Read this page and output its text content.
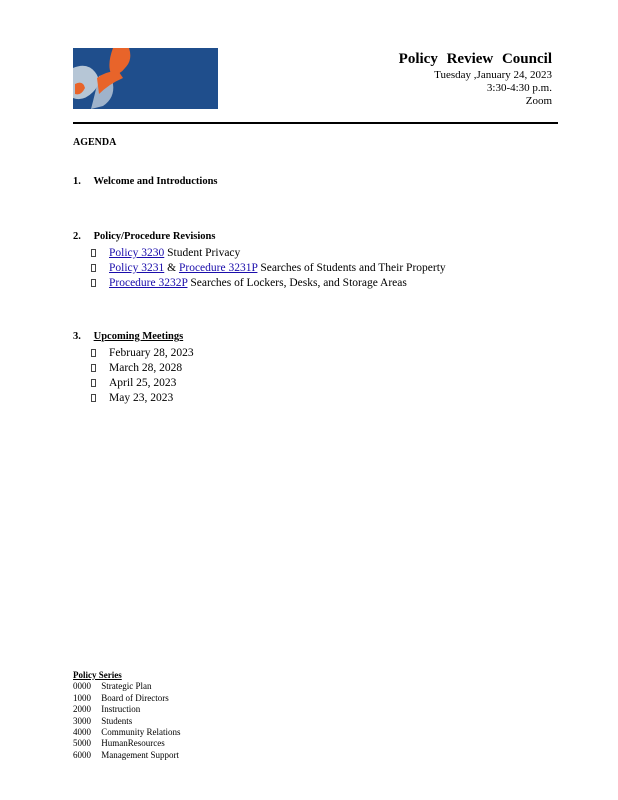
Policy Review Council
Tuesday ,January 24, 2023
3:30-4:30 p.m.
Zoom
AGENDA
1. Welcome and Introductions
2. Policy/Procedure Revisions
Policy 3230 Student Privacy
Policy 3231 & Procedure 3231P Searches of Students and Their Property
Procedure 3232P Searches of Lockers, Desks, and Storage Areas
3. Upcoming Meetings
February 28, 2023
March 28, 2028
April 25, 2023
May 23, 2023
Policy Series
0000 Strategic Plan
1000 Board of Directors
2000 Instruction
3000 Students
4000 Community Relations
5000 HumanResources
6000 Management Support
